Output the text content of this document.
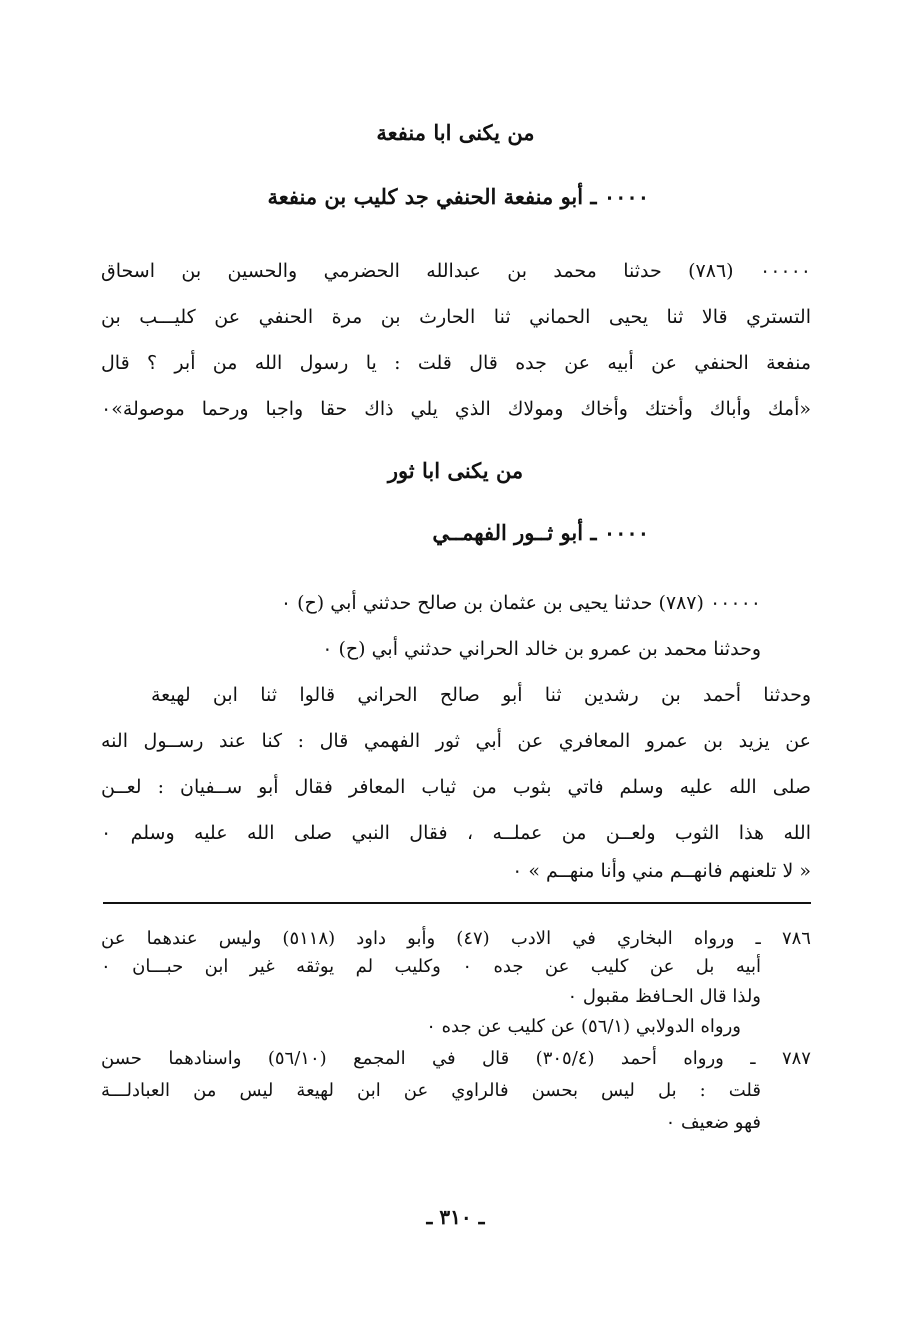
من يكنى ابا منفعة
٠٠٠٠ ـ أبو منفعة الحنفي جد كليب بن منفعة
٠٠٠٠٠ (٧٨٦) حدثنا محمد بن عبدالله الحضرمي والحسين بن اسحاق
التستري قالا ثنا يحيى الحماني ثنا الحارث بن مرة الحنفي عن كليـــب بن
منفعة الحنفي عن أبيه عن جده قال قلت : يا رسول الله من أبر ؟ قال
«أمك وأباك وأختك وأخاك ومولاك الذي يلي ذاك حقا واجبا ورحما موصولة»٠
من يكنى ابا ثور
٠٠٠٠ ـ أبو ثــور الفهمــي
٠٠٠٠٠ (٧٨٧) حدثنا يحيى بن عثمان بن صالح حدثني أبي (ح) ٠
وحدثنا محمد بن عمرو بن خالد الحراني حدثني أبي (ح) ٠
وحدثنا أحمد بن رشدين ثنا أبو صالح الحراني قالوا ثنا ابن لهيعة
عن يزيد بن عمرو المعافري عن أبي ثور الفهمي قال : كنا عند رســول النه
صلى الله عليه وسلم فاتي بثوب من ثياب المعافر فقال أبو ســفيان : لعــن
الله هذا الثوب ولعــن من عملــه ، فقال النبي صلى الله عليه وسلم ٠
« لا تلعنهم فانهــم مني وأنا منهــم » ٠
٧٨٦ ـ ورواه البخاري في الادب (٤٧) وأبو داود (٥١١٨) وليس عندهما عن
أبيه بل عن كليب عن جده ٠ وكليب لم يوثقه غير ابن حبـــان ٠
ولذا قال الحـافظ مقبول ٠
ورواه الدولابي (٥٦/١) عن كليب عن جده ٠
٧٨٧ ـ ورواه أحمد (٣٠٥/٤) قال في المجمع (٥٦/١٠) واسنادهما حسن
قلت : بل ليس بحسن فالراوي عن ابن لهيعة ليس من العبادلـــة
فهو ضعيف ٠
ـ ٣١٠ ـ
